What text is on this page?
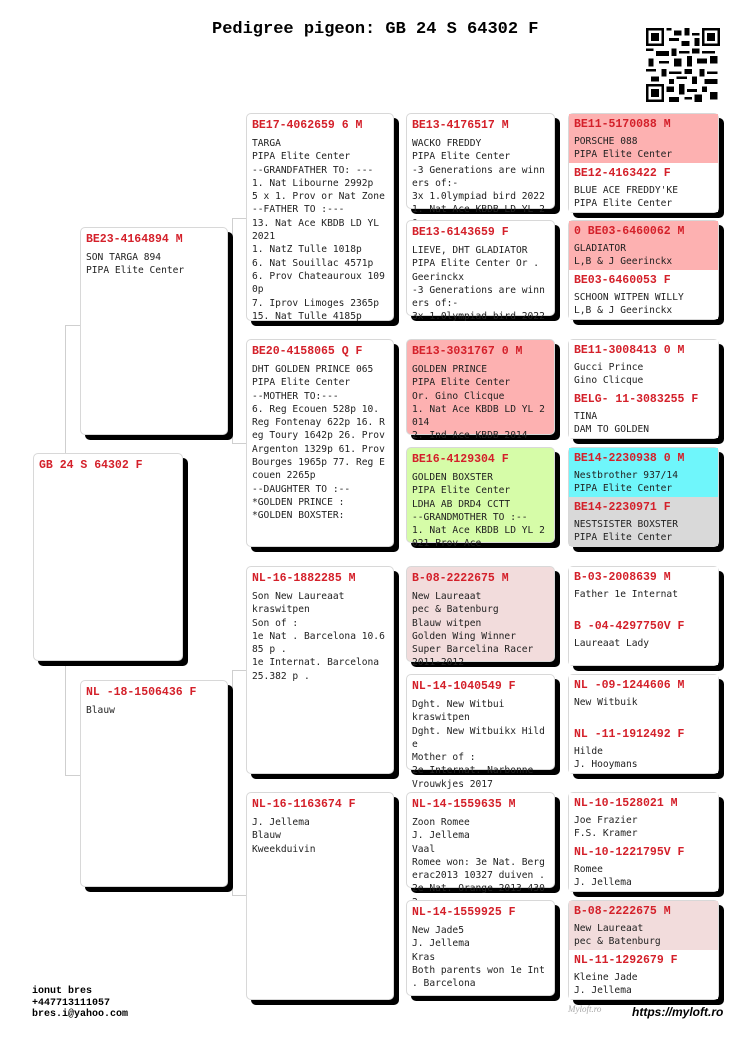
Pedigree pigeon: GB 24 S 64302 F
GB 24 S 64302 F
BE23-4164894 M
SON TARGA 894
PIPA Elite Center
NL -18-1506436 F
Blauw
BE17-4062659 6 M
TARGA
PIPA Elite Center
--GRANDFATHER TO: ---
1. Nat Libourne 2992p
5 x 1. Prov or Nat Zone
--FATHER TO :---
13. Nat Ace KBDB LD YL 2021
1. NatZ Tulle 1018p
6. Nat Souillac 4571p
6. Prov Chateauroux 1090p
7. Iprov Limoges 2365p
15. Nat Tulle 4185p
BE20-4158065 Q F
DHT GOLDEN PRINCE 065
PIPA Elite Center
--MOTHER TO:---
6. Reg Ecouen 528p 10. Reg Fontenay 622p 16. Reg Toury 1642p 26. Prov Argenton 1329p 61. Prov Bourges 1965p 77. Reg Ecouen 2265p
--DAUGHTER TO :--
*GOLDEN PRINCE :
*GOLDEN BOXSTER:
NL-16-1882285 M
Son New Laureaat
kraswitpen
Son of :
1e Nat . Barcelona 10.685 p .
1e Internat. Barcelona
25.382 p .
NL-16-1163674 F
J. Jellema
Blauw
Kweekduivin
BE13-4176517 M
WACKO FREDDY
PIPA Elite Center
-3 Generations are winners of:-
3x 1.0lympiad bird 2022
1. Nat Ace KBDB LD YL 2
BE13-6143659 F
LIEVE, DHT GLADIATOR
PIPA Elite Center Or . Geerinckx
-3 Generations are winners of:-
3x 1.0lympiad bird 2022
BE13-3031767 0 M
GOLDEN PRINCE
PIPA Elite Center
Or. Gino Clicque
1. Nat Ace KBDB LD YL 2014
2. Ind Ace KBDB 2014
BE16-4129304 F
GOLDEN BOXSTER
PIPA Elite Center
LDHA AB DRD4 CCTT
--GRANDMOTHER TO :--
1. Nat Ace KBDB LD YL 2021 Prov Ace
B-08-2222675 M
New Laureaat
pec & Batenburg
Blauw witpen
Golden Wing Winner
Super Barcelina Racer
2011-2012
NL-14-1040549 F
Dght. New Witbui
kraswitpen
Dght. New Witbuikx Hilde
Mother of :
2e Internat. Narbonne
Vrouwkjes 2017
NL-14-1559635 M
Zoon Romee
J. Jellema
Vaal
Romee won: 3e Nat. Bergerac2013 10327 duiven .
2e Nat. Orange 2013 430
NL-14-1559925 F
New Jade5
J. Jellema
Kras
Both parents won 1e Int
. Barcelona
BE11-5170088 M
PORSCHE 088
PIPA Elite Center
BE12-4163422 F
BLUE ACE FREDDY'KE
PIPA Elite Center
0 BE03-6460062 M
GLADIATOR
L,B & J Geerinckx
BE03-6460053 F
SCHOON WITPEN WILLY
L,B & J Geerinckx
BE11-3008413 0 M
Gucci Prince
Gino Clicque
BELG- 11-3083255 F
TINA
DAM TO GOLDEN
BE14-2230938 0 M
Nestbrother 937/14
PIPA Elite Center
BE14-2230971 F
NESTSISTER BOXSTER
PIPA Elite Center
B-03-2008639 M
Father 1e Internat
B -04-4297750V F
Laureaat Lady
NL -09-1244606 M
New Witbuik
NL -11-1912492 F
Hilde
J. Hooymans
NL-10-1528021 M
Joe Frazier
F.S. Kramer
NL-10-1221795V F
Romee
J. Jellema
B-08-2222675 M
New Laureaat
pec & Batenburg
NL-11-1292679 F
Kleine Jade
J. Jellema
ionut bres
+447713111057
bres.i@yahoo.com	Myloft.ro	https://myloft.ro
